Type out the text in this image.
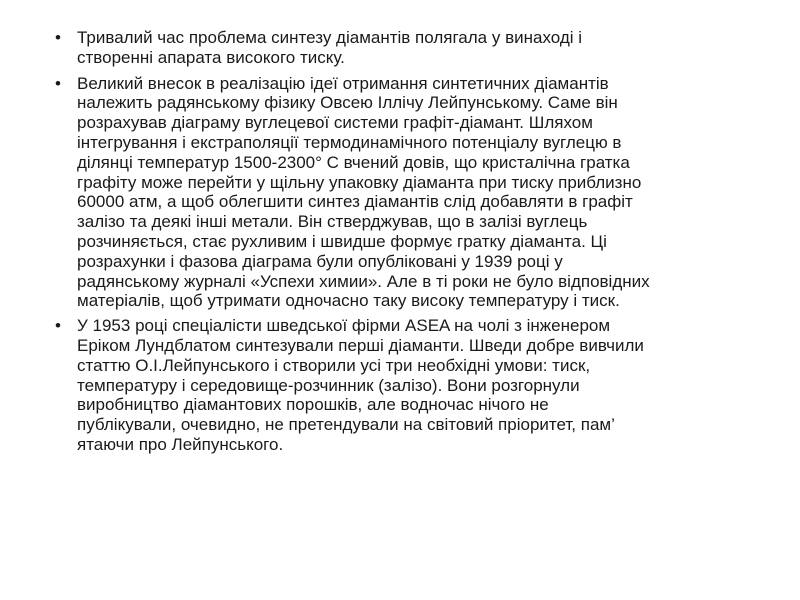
• Тривалий час проблема синтезу діамантів полягала у винаході і
створенні апарата високого тиску.
• Великий внесок в реалізацію ідеї отримання синтетичних діамантів
належить радянському фізику Овсею Іллічу Лейпунському. Саме він
розрахував діаграму вуглецевої системи графіт-діамант. Шляхом
інтегрування і екстраполяції термодинамічного потенціалу вуглецю в
ділянці температур 1500-2300° С вчений довів, що кристалічна гратка
графіту може перейти у щільну упаковку діаманта при тиску приблизно
60000 атм, а щоб облегшити синтез діамантів слід добавляти в графіт
залізо та деякі інші метали. Він стверджував, що в залізі вуглець
розчиняється, стає рухливим і швидше формує гратку діаманта. Ці
розрахунки і фазова діаграма були опубліковані у 1939 році у
радянському журналі «Успехи химии». Але в ті роки не було відповідних
матеріалів, щоб утримати одночасно таку високу температуру і тиск.
• У 1953 році спеціалісти шведської фірми ASEA на чолі з інженером
Еріком Лундблатом синтезували перші діаманти. Шведи добре вивчили
статтю О.І.Лейпунського і створили усі три необхідні умови: тиск,
температуру і середовище-розчинник (залізо). Вони розгорнули
виробництво діамантових порошків, але водночас нічого не
публікували, очевидно, не претендували на світовий пріоритет, пам’
ятаючи про Лейпунського.
